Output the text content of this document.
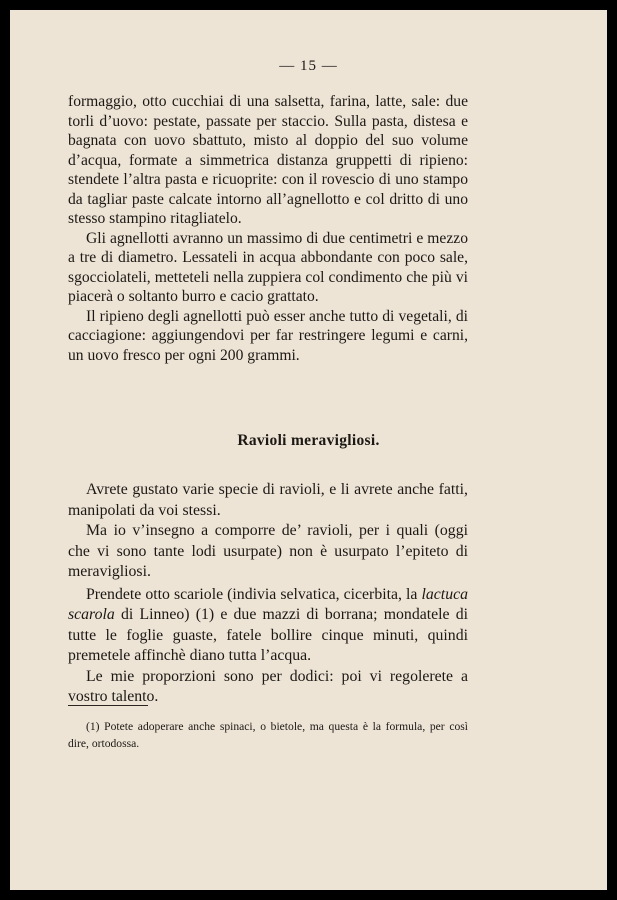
— 15 —

formaggio, otto cucchiai di una salsetta, farina, latte, sale: due torli d’uovo: pestate, passate per staccio. Sulla pasta, distesa e bagnata con uovo sbattuto, misto al doppio del suo volume d’acqua, formate a simmetrica distanza gruppetti di ripieno: stendete l’altra pasta e ricuoprite: con il rovescio di uno stampo da tagliar paste calcate intorno all’agnellotto e col dritto di uno stesso stampino ritagliatelo.

Gli agnellotti avranno un massimo di due centimetri e mezzo a tre di diametro. Lessateli in acqua abbondante con poco sale, sgocciolateli, metteteli nella zuppiera col condimento che più vi piacerà o soltanto burro e cacio grattato.

Il ripieno degli agnellotti può esser anche tutto di vegetali, di cacciagione: aggiungendovi per far restringere legumi e carni, un uovo fresco per ogni 200 grammi.

Ravioli meravigliosi.

Avrete gustato varie specie di ravioli, e li avrete anche fatti, manipolati da voi stessi.

Ma io v’insegno a comporre de’ ravioli, per i quali (oggi che vi sono tante lodi usurpate) non è usurpato l’epiteto di meravigliosi.

Prendete otto scariole (indivia selvatica, cicerbita, la lactuca scarola di Linneo) (1) e due mazzi di borrana; mondatele di tutte le foglie guaste, fatele bollire cinque minuti, quindi premetele affinchè diano tutta l’acqua.

Le mie proporzioni sono per dodici: poi vi regolerete a vostro talento.

(1) Potete adoperare anche spinaci, o bietole, ma questa è la formula, per così dire, ortodossa.
